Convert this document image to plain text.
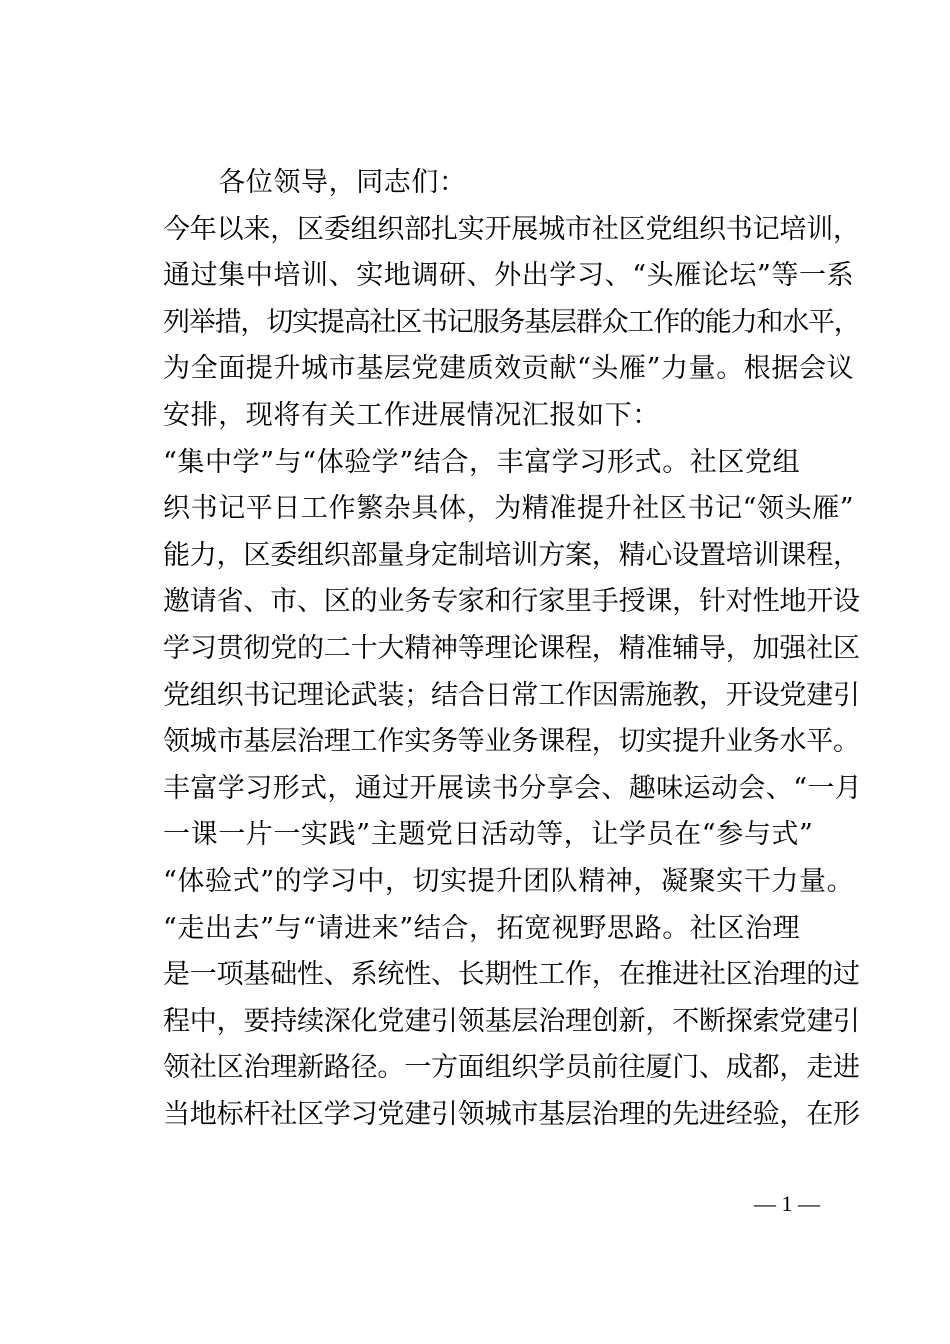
　　各位领导，同志们：
今年以来，区委组织部扎实开展城市社区党组织书记培训，
通过集中培训、实地调研、外出学习、“头雁论坛”等一系
列举措，切实提高社区书记服务基层群众工作的能力和水平，
为全面提升城市基层党建质效贡献“头雁”力量。根据会议
安排，现将有关工作进展情况汇报如下：
“集中学”与“体验学”结合，丰富学习形式。社区党组
织书记平日工作繁杂具体，为精准提升社区书记“领头雁”
能力，区委组织部量身定制培训方案，精心设置培训课程，
邀请省、市、区的业务专家和行家里手授课，针对性地开设
学习贯彻党的二十大精神等理论课程，精准辅导，加强社区
党组织书记理论武装；结合日常工作因需施教，开设党建引
领城市基层治理工作实务等业务课程，切实提升业务水平。
丰富学习形式，通过开展读书分享会、趣味运动会、“一月
一课一片一实践”主题党日活动等，让学员在“参与式”
“体验式”的学习中，切实提升团队精神，凝聚实干力量。
“走出去”与“请进来”结合，拓宽视野思路。社区治理
是一项基础性、系统性、长期性工作，在推进社区治理的过
程中，要持续深化党建引领基层治理创新，不断探索党建引
领社区治理新路径。一方面组织学员前往厦门、成都，走进
当地标杆社区学习党建引领城市基层治理的先进经验，在形
— 1 —
